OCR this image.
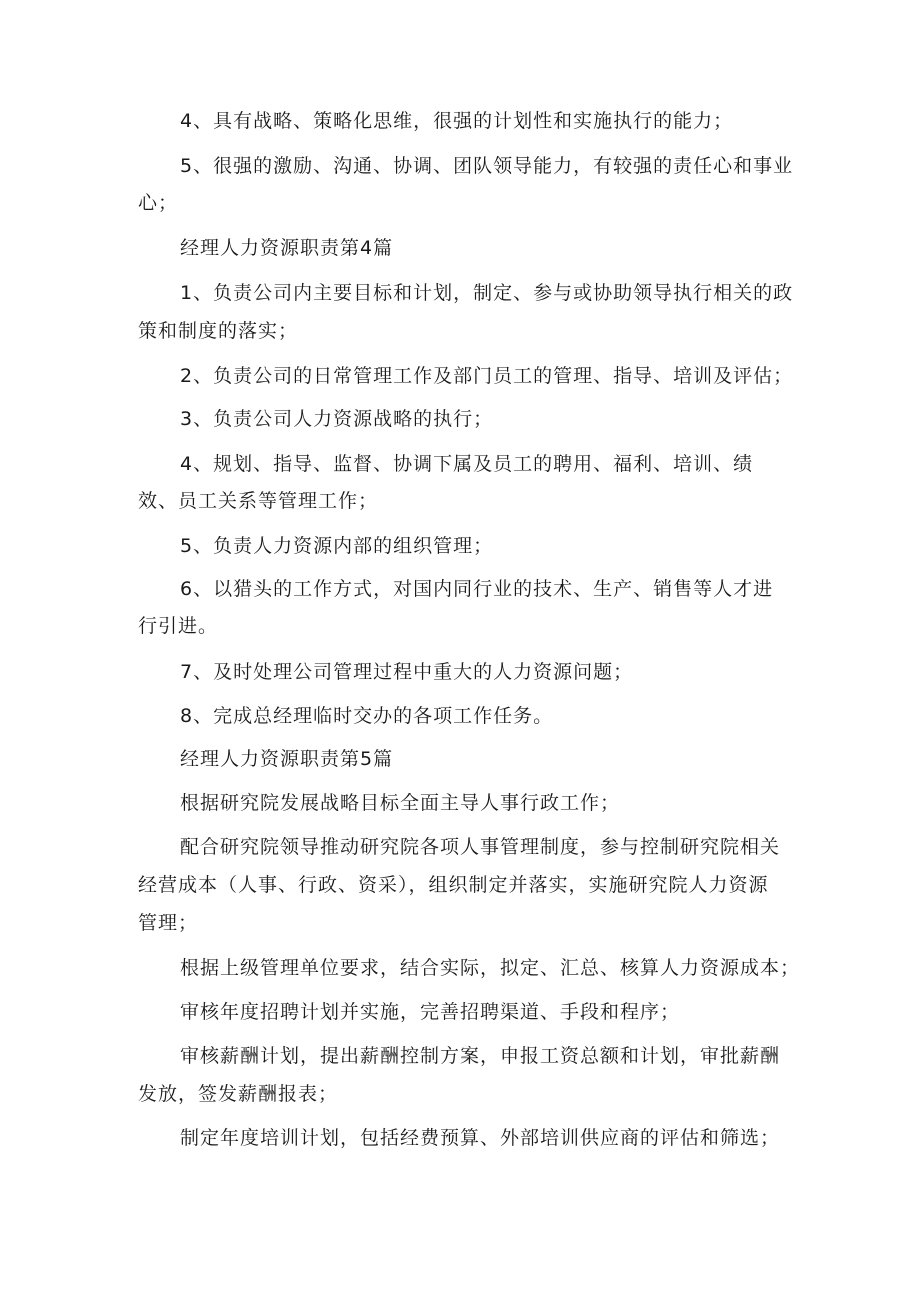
4、具有战略、策略化思维，很强的计划性和实施执行的能力；

5、很强的激励、沟通、协调、团队领导能力，有较强的责任心和事业

心；

经理人力资源职责第4篇

1、负责公司内主要目标和计划，制定、参与或协助领导执行相关的政

策和制度的落实；

2、负责公司的日常管理工作及部门员工的管理、指导、培训及评估；

3、负责公司人力资源战略的执行；

4、规划、指导、监督、协调下属及员工的聘用、福利、培训、绩

效、员工关系等管理工作；

5、负责人力资源内部的组织管理；

6、以猎头的工作方式，对国内同行业的技术、生产、销售等人才进

行引进。

7、及时处理公司管理过程中重大的人力资源问题；

8、完成总经理临时交办的各项工作任务。

经理人力资源职责第5篇

根据研究院发展战略目标全面主导人事行政工作；

配合研究院领导推动研究院各项人事管理制度，参与控制研究院相关

经营成本（人事、行政、资采），组织制定并落实，实施研究院人力资源

管理；

根据上级管理单位要求，结合实际，拟定、汇总、核算人力资源成本；

审核年度招聘计划并实施，完善招聘渠道、手段和程序；

审核薪酬计划，提出薪酬控制方案，申报工资总额和计划，审批薪酬

发放，签发薪酬报表；

制定年度培训计划，包括经费预算、外部培训供应商的评估和筛选；
